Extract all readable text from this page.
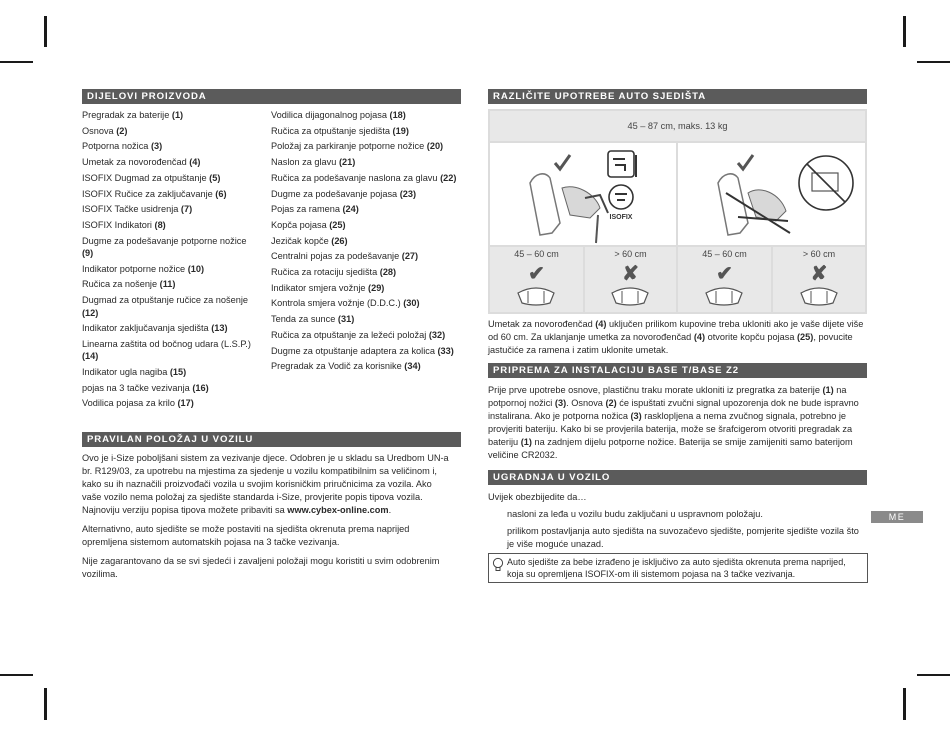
DIJELOVI PROIZVODA
Pregradak za baterije (1)
Osnova (2)
Potporna nožica (3)
Umetak za novorođenčad (4)
ISOFIX Dugmad za otpuštanje (5)
ISOFIX Ručice za zaključavanje (6)
ISOFIX Tačke usidrenja (7)
ISOFIX Indikatori (8)
Dugme za podešavanje potporne nožice (9)
Indikator potporne nožice (10)
Ručica za nošenje (11)
Dugmad za otpuštanje ručice za nošenje (12)
Indikator zaključavanja sjedišta (13)
Linearna zaštita od bočnog udara (L.S.P.) (14)
Indikator ugla nagiba (15)
pojas na 3 tačke vezivanja (16)
Vodilica pojasa za krilo (17)
Vodilica dijagonalnog pojasa (18)
Ručica za otpuštanje sjedišta (19)
Položaj za parkiranje potporne nožice (20)
Naslon za glavu (21)
Ručica za podešavanje naslona za glavu (22)
Dugme za podešavanje pojasa (23)
Pojas za ramena (24)
Kopča pojasa (25)
Jezičak kopče (26)
Centralni pojas za podešavanje (27)
Ručica za rotaciju sjedišta (28)
Indikator smjera vožnje (29)
Kontrola smjera vožnje (D.D.C.) (30)
Tenda za sunce (31)
Ručica za otpuštanje za ležeći položaj (32)
Dugme za otpuštanje adaptera za kolica (33)
Pregradak za Vodič za korisnike (34)
PRAVILAN POLOŽAJ U VOZILU

Ovo je i-Size poboljšani sistem za vezivanje djece. Odobren je u skladu sa Uredbom UN-a br. R129/03, za upotrebu na mjestima za sjedenje u vozilu kompatibilnim sa veličinom i, kako su ih naznačili proizvođači vozila u svojim korisničkim priručnicima za vozila. Ako vaše vozilo nema položaj za sjedište standarda i-Size, provjerite popis tipova vozila. Najnoviju verziju popisa tipova možete pribaviti sa www.cybex-online.com.

Alternativno, auto sjedište se može postaviti na sjedišta okrenuta prema naprijed opremljena sistemom automatskih pojasa na 3 tačke vezivanja.

Nije zagarantovano da se svi sjedeći i zavaljeni položaji mogu koristiti u svim odobrenim vozilima.

RAZLIČITE UPOTREBE AUTO SJEDIŠTA
45 – 87 cm, maks. 13 kg
ISOFIX
45 – 60 cm	> 60 cm	45 – 60 cm	> 60 cm
✔	✘	✔	✘

Umetak za novorođenčad (4) uključen prilikom kupovine treba ukloniti ako je vaše dijete više od 60 cm. Za uklanjanje umetka za novorođenčad (4) otvorite kopču pojasa (25), povucite jastučiće za ramena i zatim uklonite umetak.

PRIPREMA ZA INSTALACIJU BASE T/BASE Z2

Prije prve upotrebe osnove, plastičnu traku morate ukloniti iz pregratka za baterije (1) na potpornoj nožici (3). Osnova (2) će ispuštati zvučni signal upozorenja dok ne bude ispravno instalirana. Ako je potporna nožica (3) rasklopljena a nema zvučnog signala, potrebno je provjeriti bateriju. Kako bi se provjerila baterija, može se šrafcigerom otvoriti pregradak za bateriju (1) na zadnjem dijelu potporne nožice. Baterija se smije zamijeniti samo baterijom veličine CR2032.

UGRADNJA U VOZILO
Uvijek obezbijedite da…
nasloni za leđa u vozilu budu zaključani u uspravnom položaju.
prilikom postavljanja auto sjedišta na suvozačevo sjedište, pomjerite sjedište vozila što je više moguće unazad.
Auto sjedište za bebe izrađeno je isključivo za auto sjedišta okrenuta prema naprijed, koja su opremljena ISOFIX-om ili sistemom pojasa na 3 tačke vezivanja.
ME
